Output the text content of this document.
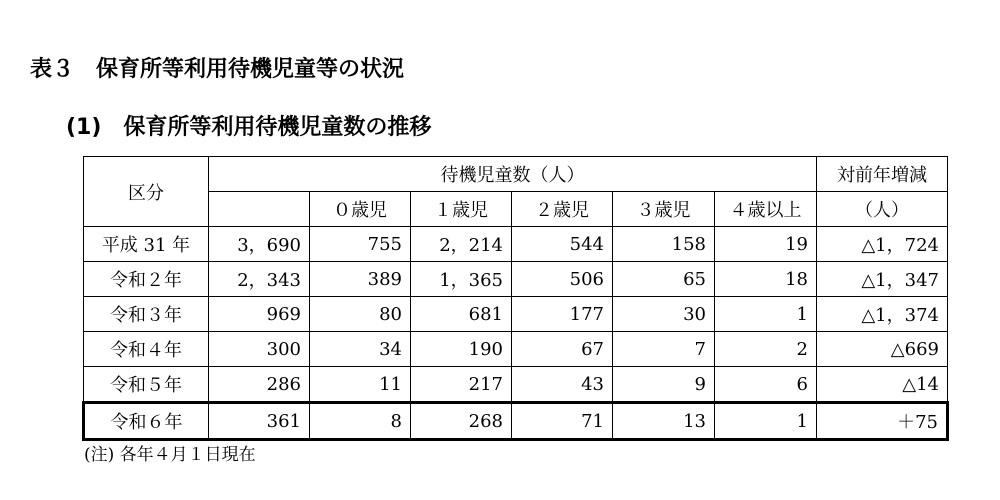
表３　保育所等利用待機児童等の状況
(1)　保育所等利用待機児童数の推移
区分	待機児童数（人）						対前年増減
		０歳児	１歳児	２歳児	３歳児	４歳以上	（人）
平成 31 年	3，690	755	2，214	544	158	19	△1，724
令和２年	2，343	389	1，365	506	65	18	△1，347
令和３年	969	80	681	177	30	1	△1，374
令和４年	300	34	190	67	7	2	△669
令和５年	286	11	217	43	9	6	△14
令和６年	361	8	268	71	13	1	＋75
(注) 各年４月１日現在
